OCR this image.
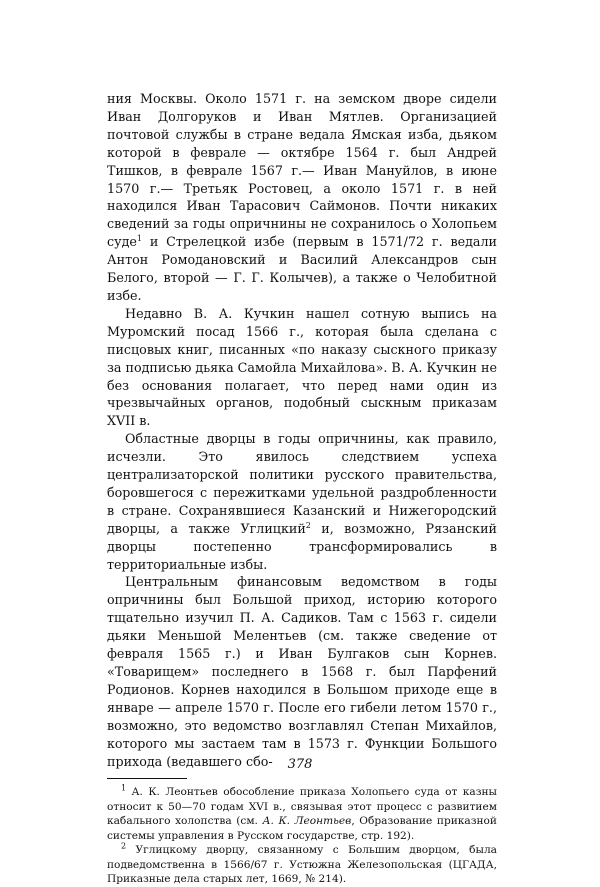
ния Москвы. Около 1571 г. на земском дворе сидели Иван Долгоруков и Иван Мятлев. Организацией почтовой службы в стране ведала Ямская изба, дьяком которой в феврале — октябре 1564 г. был Андрей Тишков, в феврале 1567 г.— Иван Мануйлов, в июне 1570 г.— Третьяк Ростовец, а около 1571 г. в ней находился Иван Тарасович Саймонов. Почти никаких сведений за годы опричнины не сохранилось о Холопьем суде$^1$ и Стрелецкой избе (первым в 1571/72 г. ведали Антон Ромодановский и Василий Александров сын Белого, второй — Г. Г. Колычев), а также о Челобитной избе.

Недавно В. А. Кучкин нашел сотную выпись на Муромский посад 1566 г., которая была сделана с писцовых книг, писанных «по наказу сыскного приказу за подписью дьяка Самойла Михайлова». В. А. Кучкин не без основания полагает, что перед нами один из чрезвычайных органов, подобный сыскным приказам XVII в.

Областные дворцы в годы опричнины, как правило, исчезли. Это явилось следствием успеха централизаторской политики русского правительства, боровшегося с пережитками удельной раздробленности в стране. Сохранявшиеся Казанский и Нижегородский дворцы, а также Углицкий$^2$ и, возможно, Рязанский дворцы постепенно трансформировались в территориальные избы.

Центральным финансовым ведомством в годы опричнины был Большой приход, историю которого тщательно изучил П. А. Садиков. Там с 1563 г. сидели дьяки Меньшой Мелентьев (см. также сведение от февраля 1565 г.) и Иван Булгаков сын Корнев. «Товарищем» последнего в 1568 г. был Парфений Родионов. Корнев находился в Большом приходе еще в январе — апреле 1570 г. После его гибели летом 1570 г., возможно, это ведомство возглавлял Степан Михайлов, которого мы застаем там в 1573 г. Функции Большого прихода (ведавшего сбо-

$^1$ А. К. Леонтьев обособление приказа Холопьего суда от казны относит к 50—70 годам XVI в., связывая этот процесс с развитием кабального холопства (см. А. К. Леонтьев, Образование приказной системы управления в Русском государстве, стр. 192).

$^2$ Углицкому дворцу, связанному с Большим дворцом, была подведомственна в 1566/67 г. Устюжна Железопольская (ЦГАДА, Приказные дела старых лет, 1669, № 214).

378
